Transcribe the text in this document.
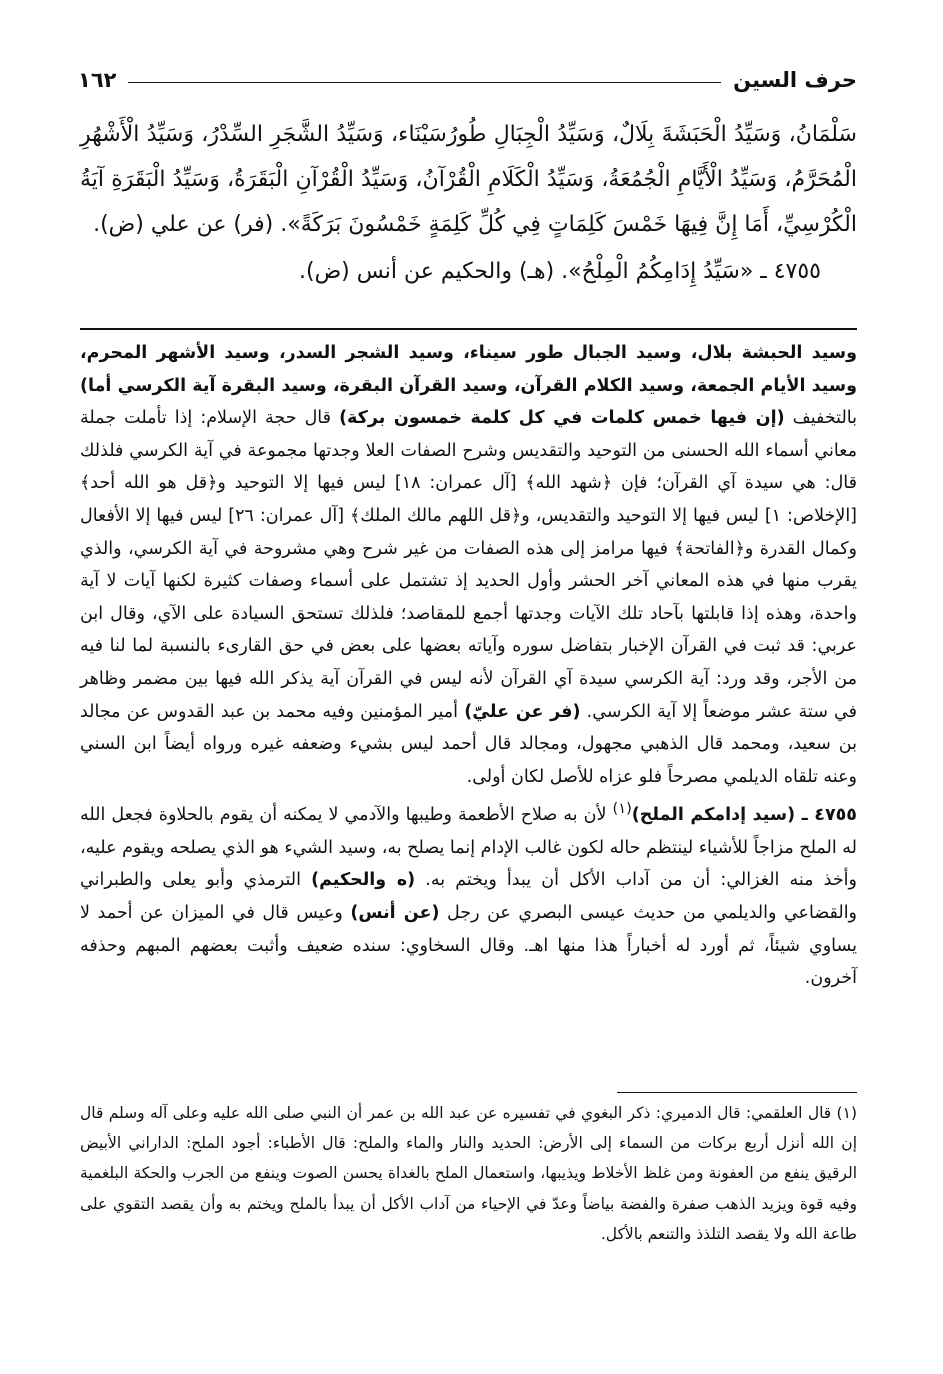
حرف السين
١٦٢

سَلْمَانُ، وَسَيِّدُ الْحَبَشَةَ بِلَالٌ، وَسَيِّدُ الْجِبَالِ طُورُسَيْنَاء، وَسَيِّدُ الشَّجَرِ السِّدْرُ، وَسَيِّدُ الْأَشْهُرِ الْمُحَرَّمُ، وَسَيِّدُ الْأَيَّامِ الْجُمُعَةُ، وَسَيِّدُ الْكَلَامِ الْقُرْآنُ، وَسَيِّدُ الْقُرْآنِ الْبَقَرَةُ، وَسَيِّدُ الْبَقَرَةِ آيَةُ الْكُرْسِيِّ، أَمَا إِنَّ فِيهَا خَمْسَ كَلِمَاتٍ فِي كُلِّ كَلِمَةٍ خَمْسُونَ بَرَكَةً». (فر) عن علي (ض).

٤٧٥٥ ـ «سَيِّدُ إِدَامِكُمُ الْمِلْحُ». (هـ) والحكيم عن أنس (ض).

وسيد الحبشة بلال، وسيد الجبال طور سيناء، وسيد الشجر السدر، وسيد الأشهر المحرم، وسيد الأيام الجمعة، وسيد الكلام القرآن، وسيد القرآن البقرة، وسيد البقرة آية الكرسي أما) بالتخفيف (إن فيها خمس كلمات في كل كلمة خمسون بركة) قال حجة الإسلام: إذا تأملت جملة معاني أسماء الله الحسنى من التوحيد والتقديس وشرح الصفات العلا وجدتها مجموعة في آية الكرسي فلذلك قال: هي سيدة آي القرآن؛ فإن ﴿شهد الله﴾ [آل عمران: ١٨] ليس فيها إلا التوحيد و﴿قل هو الله أحد﴾ [الإخلاص: ١] ليس فيها إلا التوحيد والتقديس، و﴿قل اللهم مالك الملك﴾ [آل عمران: ٢٦] ليس فيها إلا الأفعال وكمال القدرة و﴿الفاتحة﴾ فيها مرامز إلى هذه الصفات من غير شرح وهي مشروحة في آية الكرسي، والذي يقرب منها في هذه المعاني آخر الحشر وأول الحديد إذ تشتمل على أسماء وصفات كثيرة لكنها آيات لا آية واحدة، وهذه إذا قابلتها بآحاد تلك الآيات وجدتها أجمع للمقاصد؛ فلذلك تستحق السيادة على الآي، وقال ابن عربي: قد ثبت في القرآن الإخبار بتفاضل سوره وآياته بعضها على بعض في حق القارىء بالنسبة لما لنا فيه من الأجر، وقد ورد: آية الكرسي سيدة آي القرآن لأنه ليس في القرآن آية يذكر الله فيها بين مضمر وظاهر في ستة عشر موضعاً إلا آية الكرسي. (فر عن عليّ) أمير المؤمنين وفيه محمد بن عبد القدوس عن مجالد بن سعيد، ومحمد قال الذهبي مجهول، ومجالد قال أحمد ليس بشيء وضعفه غيره ورواه أيضاً ابن السني وعنه تلقاه الديلمي مصرحاً فلو عزاه للأصل لكان أولى.

٤٧٥٥ ـ (سيد إدامكم الملح)$^{(١)}$ لأن به صلاح الأطعمة وطيبها والآدمي لا يمكنه أن يقوم بالحلاوة فجعل الله له الملح مزاجاً للأشياء لينتظم حاله لكون غالب الإدام إنما يصلح به، وسيد الشيء هو الذي يصلحه ويقوم عليه، وأخذ منه الغزالي: أن من آداب الأكل أن يبدأ ويختم به. (ه والحكيم) الترمذي وأبو يعلى والطبراني والقضاعي والديلمي من حديث عيسى البصري عن رجل (عن أنس) وعيس قال في الميزان عن أحمد لا يساوي شيئاً، ثم أورد له أخباراً هذا منها اهـ. وقال السخاوي: سنده ضعيف وأثبت بعضهم المبهم وحذفه آخرون.

(١) قال العلقمي: قال الدميري: ذكر البغوي في تفسيره عن عبد الله بن عمر أن النبي صلى الله عليه وعلى آله وسلم قال إن الله أنزل أربع بركات من السماء إلى الأرض: الحديد والنار والماء والملح: قال الأطباء: أجود الملح: الداراني الأبيض الرقيق ينفع من العفونة ومن غلظ الأخلاط ويذيبها، واستعمال الملح بالغداة يحسن الصوت وينفع من الجرب والحكة البلغمية وفيه قوة ويزيد الذهب صفرة والفضة بياضاً وعدّ في الإحياء من آداب الأكل أن يبدأ بالملح ويختم به وأن يقصد التقوي على طاعة الله ولا يقصد التلذذ والتنعم بالأكل.
